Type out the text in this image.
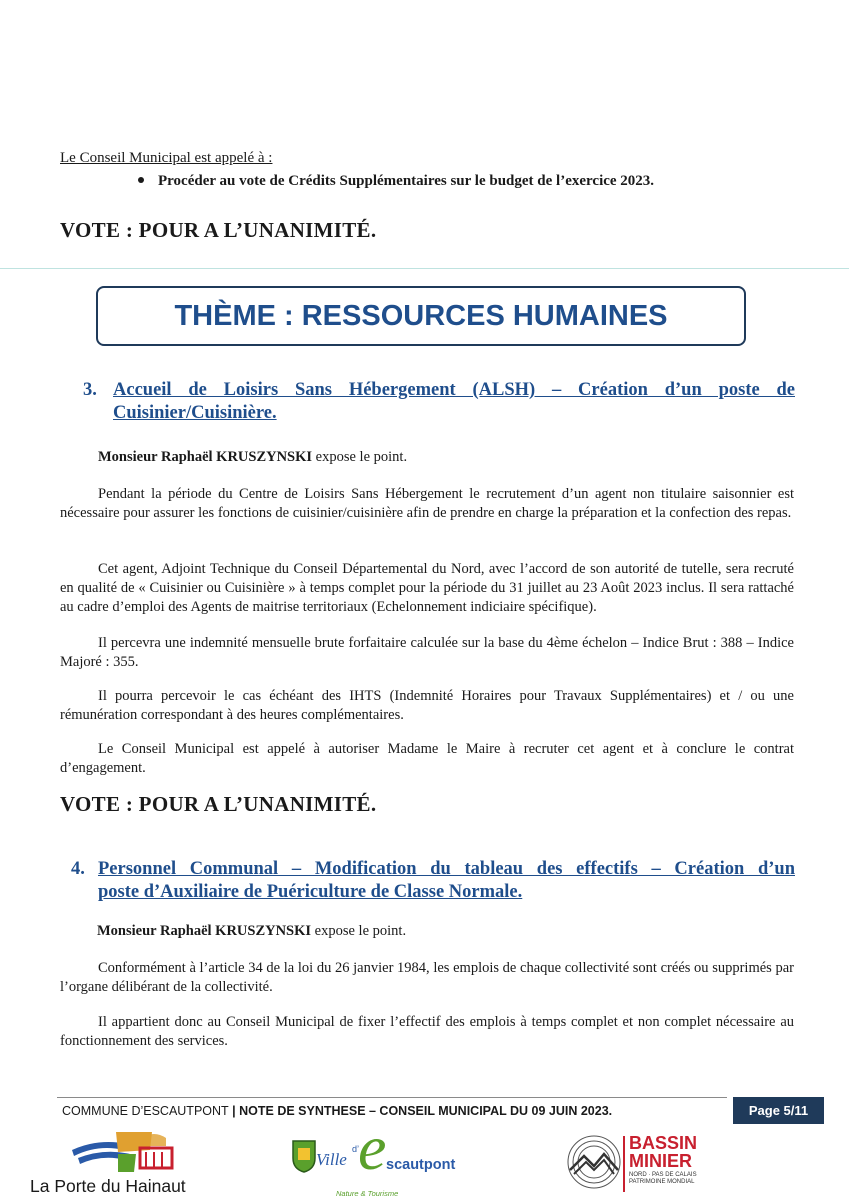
Le Conseil Municipal est appelé à :
Procéder au vote de Crédits Supplémentaires sur le budget de l’exercice 2023.
VOTE : POUR A L’UNANIMITÉ.
THÈME : RESSOURCES HUMAINES
3. Accueil de Loisirs Sans Hébergement (ALSH) – Création d’un poste de
Cuisinier/Cuisinière.
Monsieur Raphaël KRUSZYNSKI expose le point.
Pendant la période du Centre de Loisirs Sans Hébergement le recrutement d’un agent non titulaire saisonnier est nécessaire pour assurer les fonctions de cuisinier/cuisinière afin de prendre en charge la préparation et la confection des repas.
Cet agent, Adjoint Technique du Conseil Départemental du Nord, avec l’accord de son autorité de tutelle, sera recruté en qualité de « Cuisinier ou Cuisinière » à temps complet pour la période du 31 juillet au 23 Août 2023 inclus. Il sera rattaché au cadre d’emploi des Agents de maitrise territoriaux (Echelonnement indiciaire spécifique).
Il percevra une indemnité mensuelle brute forfaitaire calculée sur la base du 4ème échelon – Indice Brut : 388 – Indice Majoré : 355.
Il pourra percevoir le cas échéant des IHTS (Indemnité Horaires pour Travaux Supplémentaires) et / ou une rémunération correspondant à des heures complémentaires.
Le Conseil Municipal est appelé à autoriser Madame le Maire à recruter cet agent et à conclure le contrat d’engagement.
VOTE : POUR A L’UNANIMITÉ.
4. Personnel Communal – Modification du tableau des effectifs – Création d’un
poste d’Auxiliaire de Puériculture de Classe Normale.
Monsieur Raphaël KRUSZYNSKI expose le point.
Conformément à l’article 34 de la loi du 26 janvier 1984, les emplois de chaque collectivité sont créés ou supprimés par l’organe délibérant de la collectivité.
Il appartient donc au Conseil Municipal de fixer l’effectif des emplois à temps complet et non complet nécessaire au fonctionnement des services.
COMMUNE D’ESCAUTPONT | NOTE DE SYNTHESE – CONSEIL MUNICIPAL DU 09 JUIN 2023.	Page 5/11
La Porte du Hainaut
Ville
d’
e scautpont
Nature & Tourisme
BASSIN
MINIER
NORD · PAS DE CALAIS
PATRIMOINE MONDIAL
